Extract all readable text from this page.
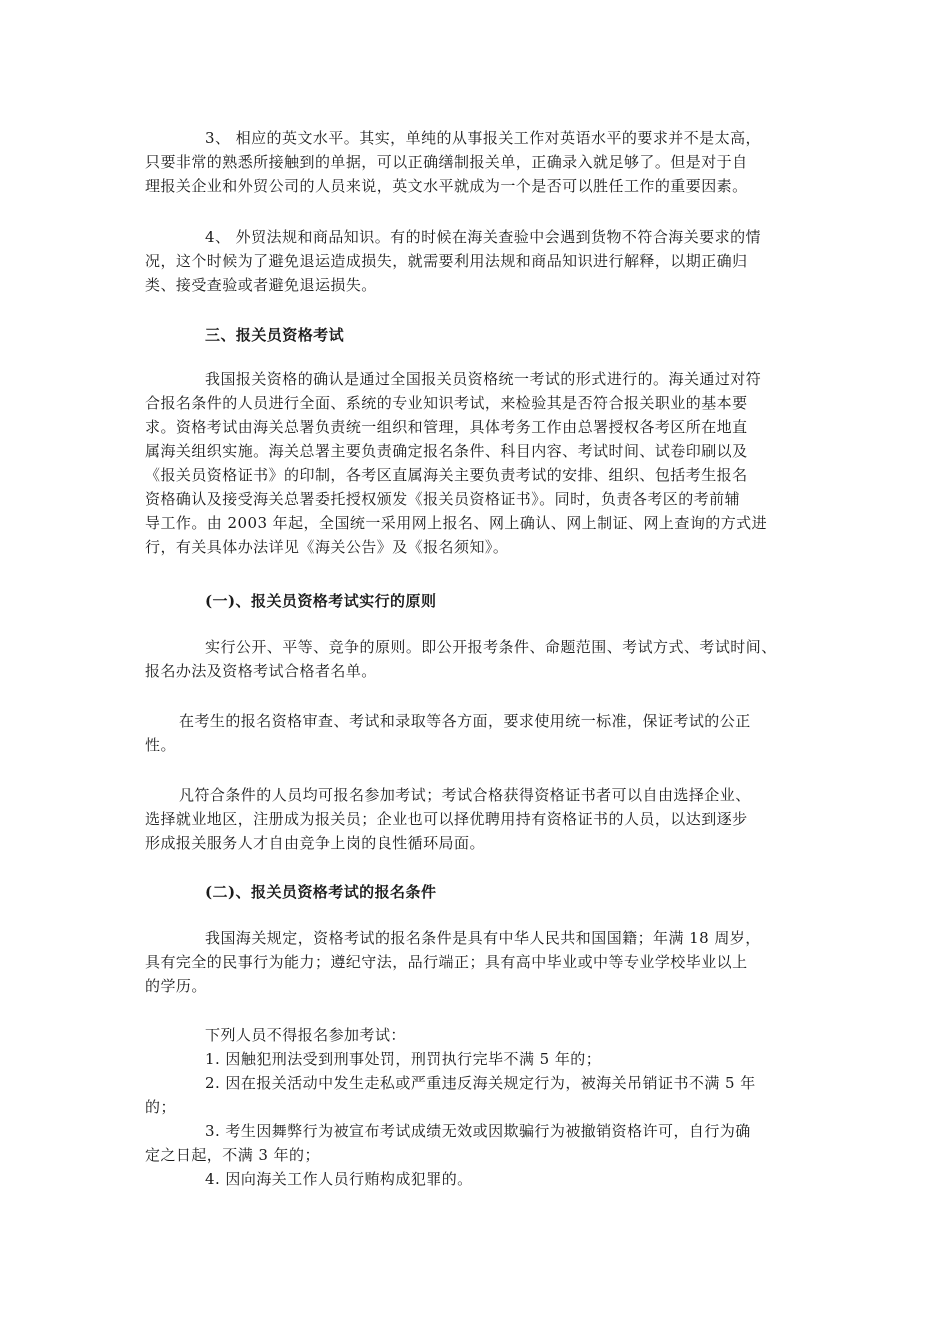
3、 相应的英文水平。其实，单纯的从事报关工作对英语水平的要求并不是太高，
只要非常的熟悉所接触到的单据，可以正确缮制报关单，正确录入就足够了。但是对于自
理报关企业和外贸公司的人员来说，英文水平就成为一个是否可以胜任工作的重要因素。
4、 外贸法规和商品知识。有的时候在海关查验中会遇到货物不符合海关要求的情
况，这个时候为了避免退运造成损失，就需要利用法规和商品知识进行解释，以期正确归
类、接受查验或者避免退运损失。
三、报关员资格考试
我国报关资格的确认是通过全国报关员资格统一考试的形式进行的。海关通过对符
合报名条件的人员进行全面、系统的专业知识考试，来检验其是否符合报关职业的基本要
求。资格考试由海关总署负责统一组织和管理，具体考务工作由总署授权各考区所在地直
属海关组织实施。海关总署主要负责确定报名条件、科目内容、考试时间、试卷印刷以及
《报关员资格证书》的印制，各考区直属海关主要负责考试的安排、组织、包括考生报名
资格确认及接受海关总署委托授权颁发《报关员资格证书》。同时，负责各考区的考前辅
导工作。由 2003 年起，全国统一采用网上报名、网上确认、网上制证、网上查询的方式进
行，有关具体办法详见《海关公告》及《报名须知》。
(一)、报关员资格考试实行的原则
实行公开、平等、竞争的原则。即公开报考条件、命题范围、考试方式、考试时间、
报名办法及资格考试合格者名单。
在考生的报名资格审查、考试和录取等各方面，要求使用统一标准，保证考试的公正
性。
凡符合条件的人员均可报名参加考试；考试合格获得资格证书者可以自由选择企业、
选择就业地区，注册成为报关员；企业也可以择优聘用持有资格证书的人员，以达到逐步
形成报关服务人才自由竞争上岗的良性循环局面。
(二)、报关员资格考试的报名条件
我国海关规定，资格考试的报名条件是具有中华人民共和国国籍；年满 18 周岁，
具有完全的民事行为能力；遵纪守法，品行端正；具有高中毕业或中等专业学校毕业以上
的学历。
下列人员不得报名参加考试：
1. 因触犯刑法受到刑事处罚，刑罚执行完毕不满 5 年的；
2. 因在报关活动中发生走私或严重违反海关规定行为，被海关吊销证书不满 5 年
的；
3. 考生因舞弊行为被宣布考试成绩无效或因欺骗行为被撤销资格许可，自行为确
定之日起，不满 3 年的；
4. 因向海关工作人员行贿构成犯罪的。
